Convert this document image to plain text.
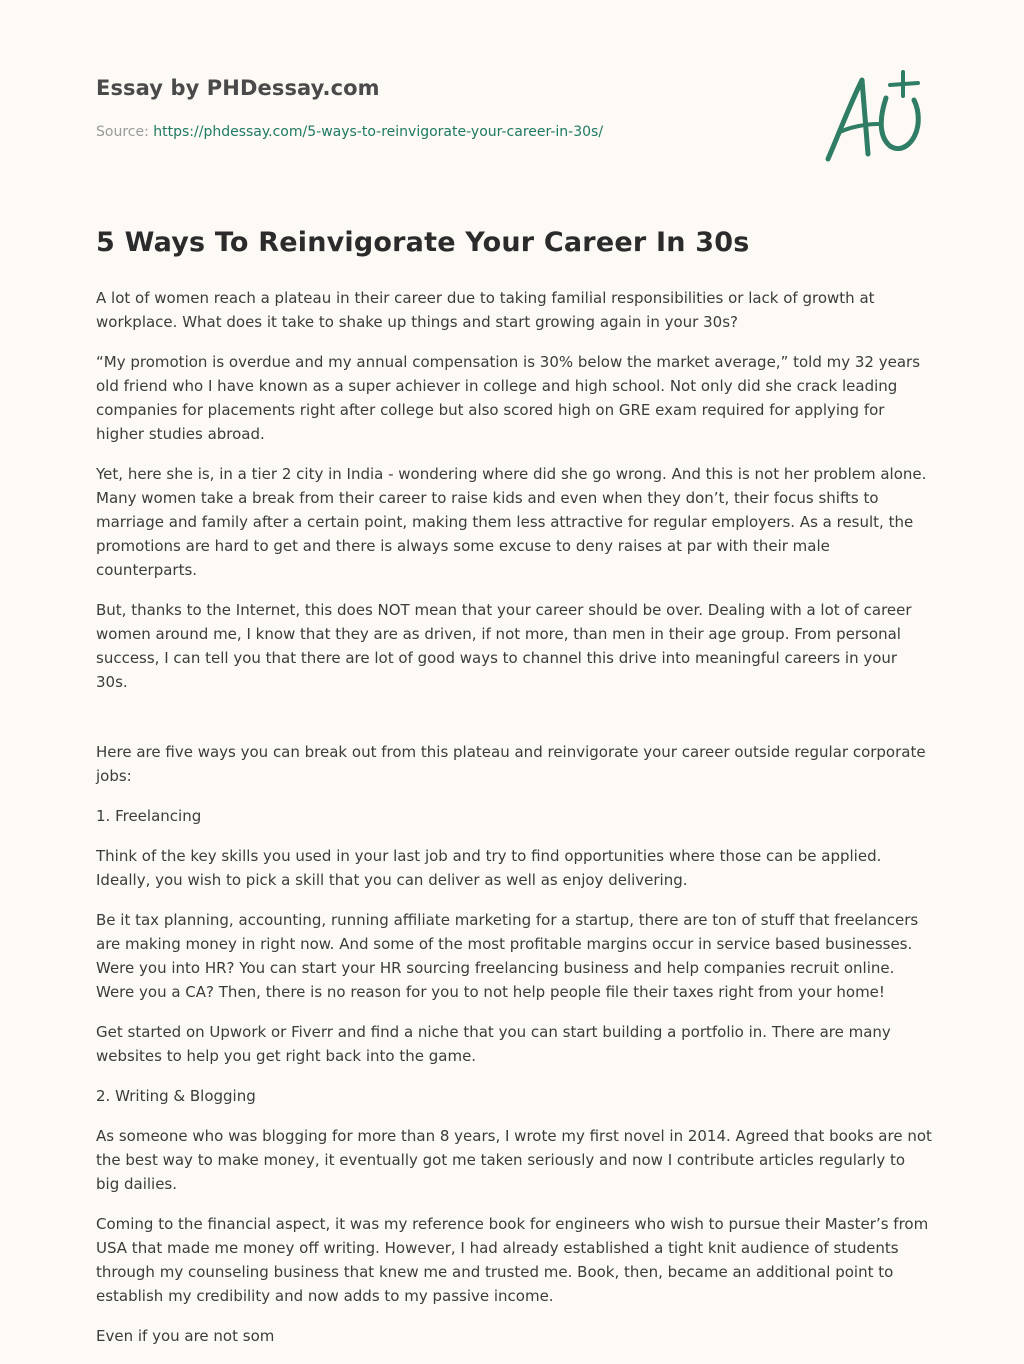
Essay by PHDessay.com
Source: https://phdessay.com/5-ways-to-reinvigorate-your-career-in-30s/
5 Ways To Reinvigorate Your Career In 30s

A lot of women reach a plateau in their career due to taking familial responsibilities or lack of growth at workplace. What does it take to shake up things and start growing again in your 30s?

“My promotion is overdue and my annual compensation is 30% below the market average,” told my 32 years old friend who I have known as a super achiever in college and high school. Not only did she crack leading companies for placements right after college but also scored high on GRE exam required for applying for higher studies abroad.

Yet, here she is, in a tier 2 city in India - wondering where did she go wrong. And this is not her problem alone. Many women take a break from their career to raise kids and even when they don’t, their focus shifts to marriage and family after a certain point, making them less attractive for regular employers. As a result, the promotions are hard to get and there is always some excuse to deny raises at par with their male counterparts.

But, thanks to the Internet, this does NOT mean that your career should be over. Dealing with a lot of career women around me, I know that they are as driven, if not more, than men in their age group. From personal success, I can tell you that there are lot of good ways to channel this drive into meaningful careers in your 30s.

Here are five ways you can break out from this plateau and reinvigorate your career outside regular corporate jobs:

1. Freelancing

Think of the key skills you used in your last job and try to find opportunities where those can be applied. Ideally, you wish to pick a skill that you can deliver as well as enjoy delivering.

Be it tax planning, accounting, running affiliate marketing for a startup, there are ton of stuff that freelancers are making money in right now. And some of the most profitable margins occur in service based businesses. Were you into HR? You can start your HR sourcing freelancing business and help companies recruit online. Were you a CA? Then, there is no reason for you to not help people file their taxes right from your home!

Get started on Upwork or Fiverr and find a niche that you can start building a portfolio in. There are many websites to help you get right back into the game.

2. Writing & Blogging

As someone who was blogging for more than 8 years, I wrote my first novel in 2014. Agreed that books are not the best way to make money, it eventually got me taken seriously and now I contribute articles regularly to big dailies.

Coming to the financial aspect, it was my reference book for engineers who wish to pursue their Master’s from USA that made me money off writing. However, I had already established a tight knit audience of students through my counseling business that knew me and trusted me. Book, then, became an additional point to establish my credibility and now adds to my passive income.

Even if you are not som
